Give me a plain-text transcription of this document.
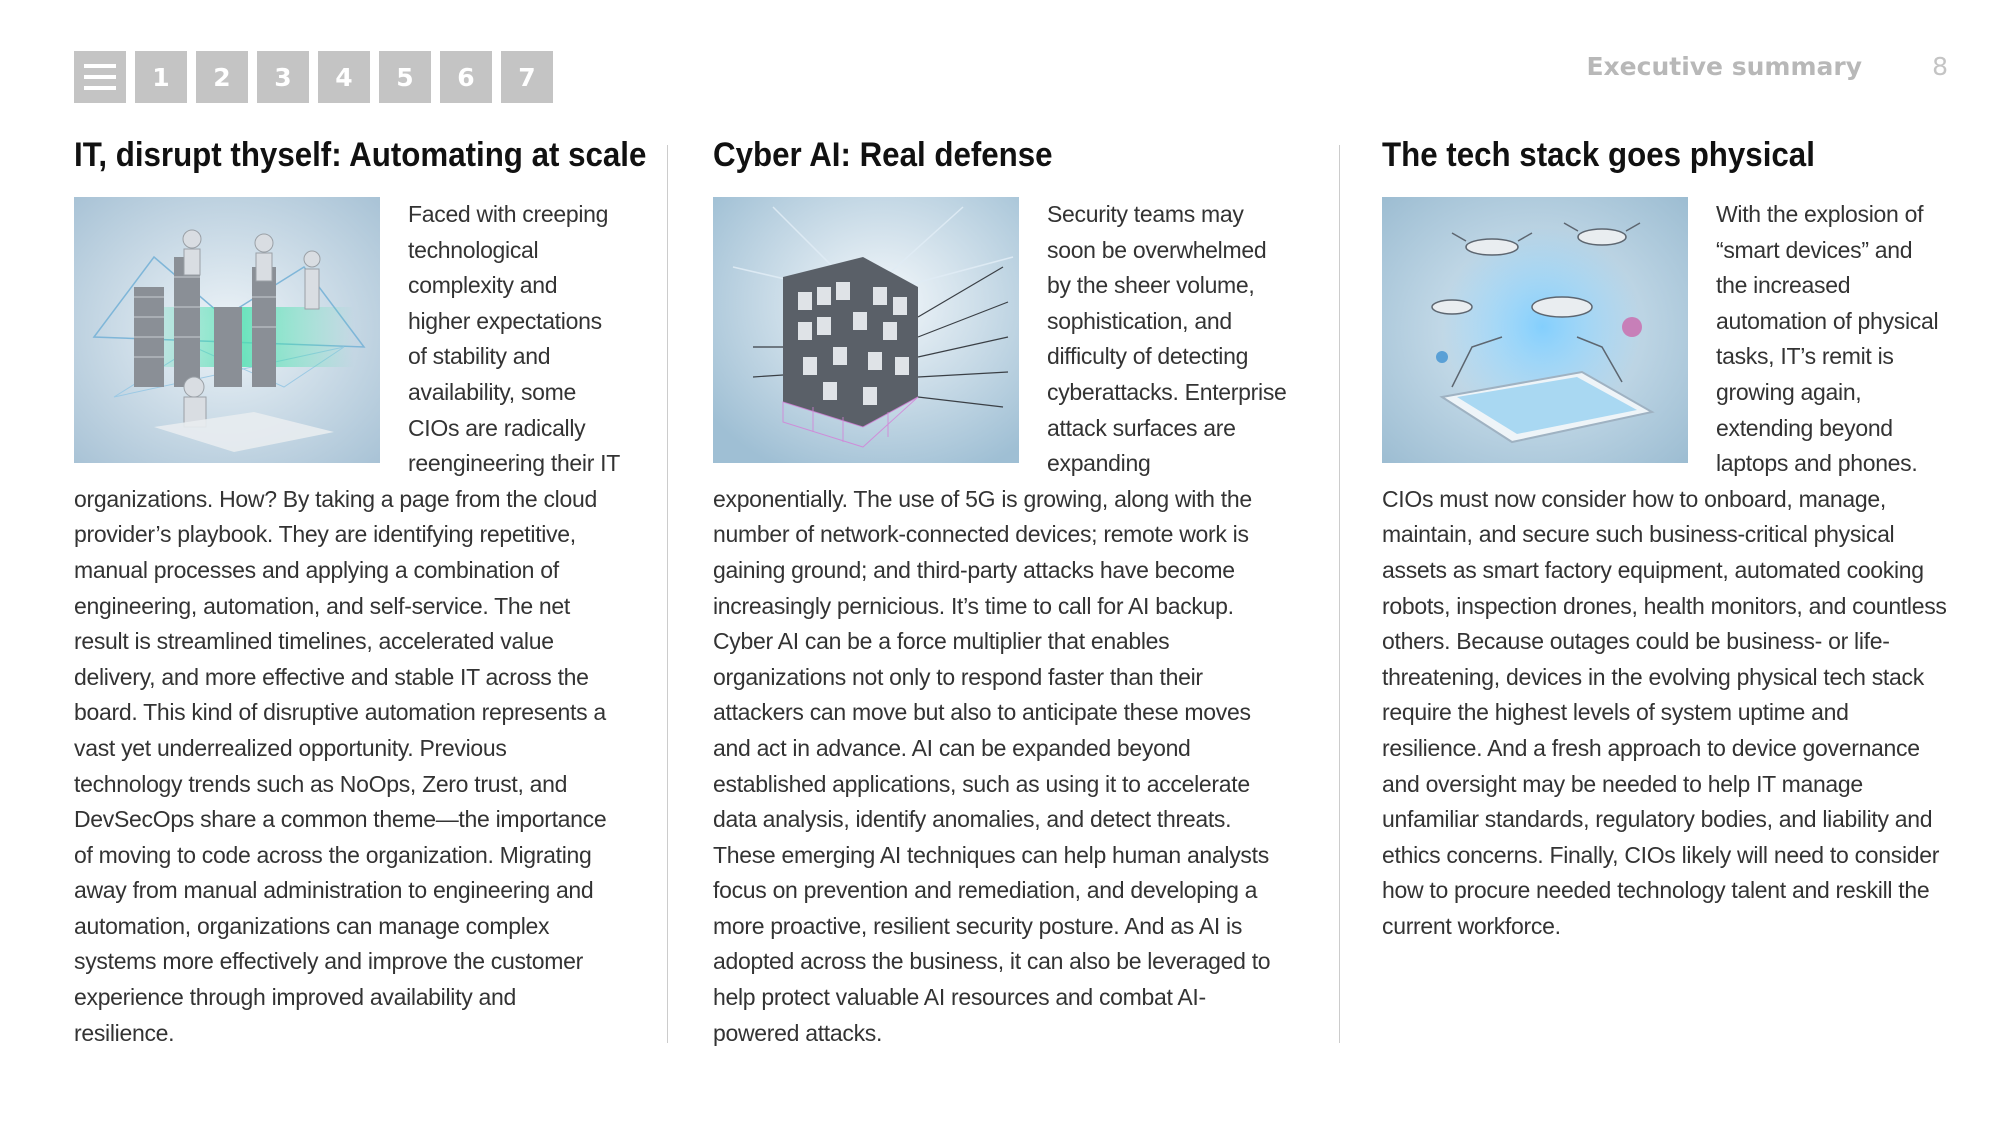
1	2	3	4	5	6	7	Executive summary	8
IT, disrupt thyself: Automating at scale

Faced with creeping technological complexity and higher expectations of stability and availability, some CIOs are radically reengineering their IT organizations. How? By taking a page from the cloud provider’s playbook. They are identifying repetitive, manual processes and applying a combination of engineering, automation, and self-service. The net result is streamlined timelines, accelerated value delivery, and more effective and stable IT across the board. This kind of disruptive automation represents a vast yet underrealized opportunity. Previous technology trends such as NoOps, Zero trust, and DevSecOps share a common theme—the importance of moving to code across the organization. Migrating away from manual administration to engineering and automation, organizations can manage complex systems more effectively and improve the customer experience through improved availability and resilience.

Cyber AI: Real defense

Security teams may soon be overwhelmed by the sheer volume, sophistication, and difficulty of detecting cyberattacks. Enterprise attack surfaces are expanding exponentially. The use of 5G is growing, along with the number of network-connected devices; remote work is gaining ground; and third-party attacks have become increasingly pernicious. It’s time to call for AI backup. Cyber AI can be a force multiplier that enables organizations not only to respond faster than their attackers can move but also to anticipate these moves and act in advance. AI can be expanded beyond established applications, such as using it to accelerate data analysis, identify anomalies, and detect threats. These emerging AI techniques can help human analysts focus on prevention and remediation, and developing a more proactive, resilient security posture. And as AI is adopted across the business, it can also be leveraged to help protect valuable AI resources and combat AI-powered attacks.

The tech stack goes physical

With the explosion of “smart devices” and the increased automation of physical tasks, IT’s remit is growing again, extending beyond laptops and phones. CIOs must now consider how to onboard, manage, maintain, and secure such business-critical physical assets as smart factory equipment, automated cooking robots, inspection drones, health monitors, and countless others. Because outages could be business- or life-threatening, devices in the evolving physical tech stack require the highest levels of system uptime and resilience. And a fresh approach to device governance and oversight may be needed to help IT manage unfamiliar standards, regulatory bodies, and liability and ethics concerns. Finally, CIOs likely will need to consider how to procure needed technology talent and reskill the current workforce.
